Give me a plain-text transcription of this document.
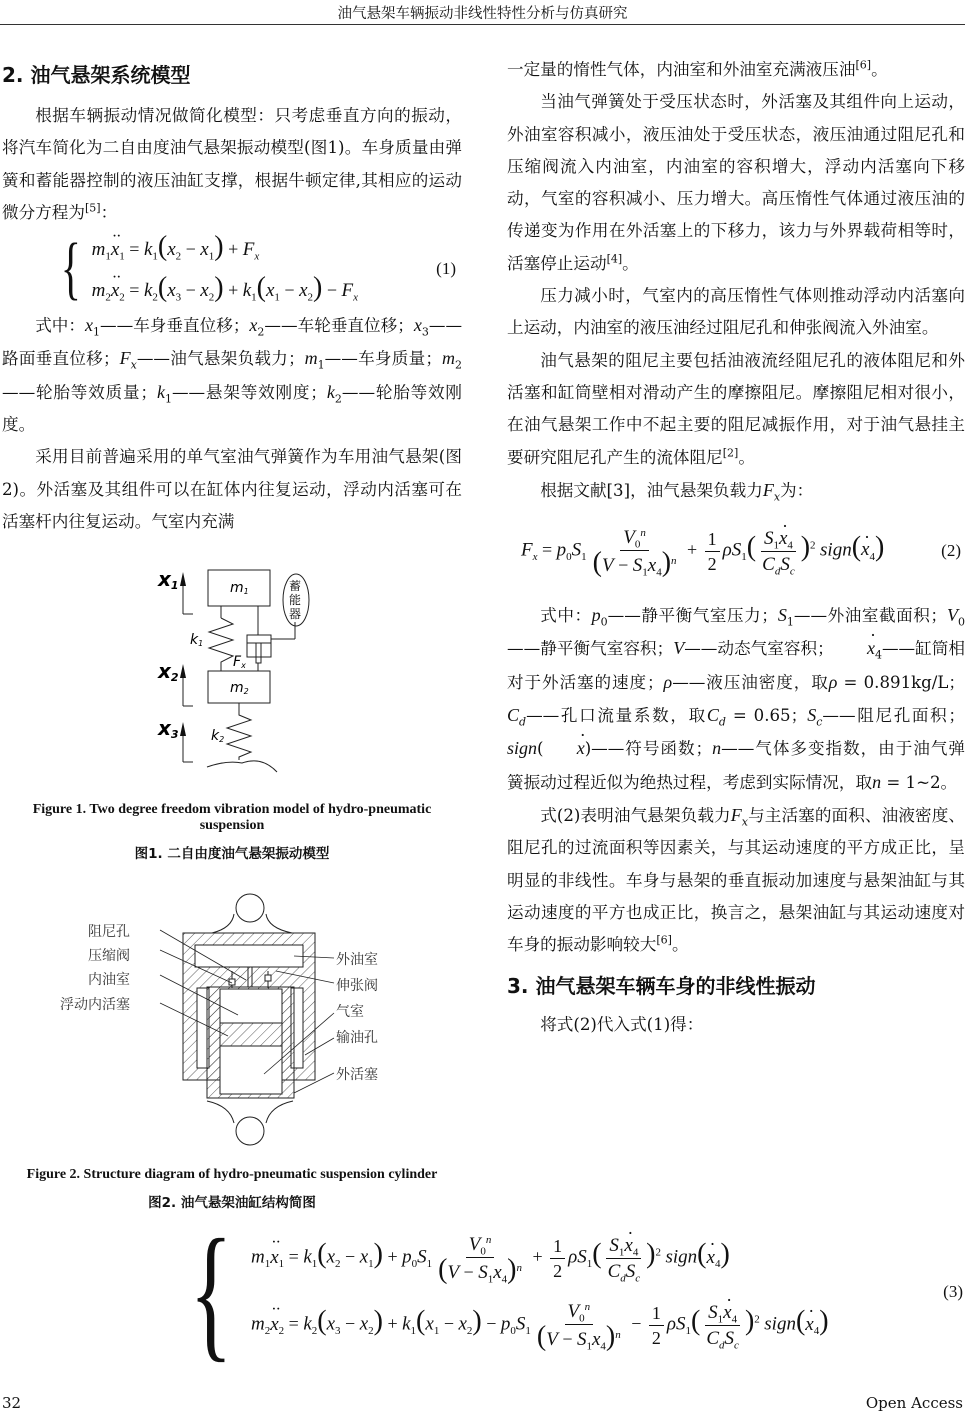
油气悬架车辆振动非线性特性分析与仿真研究
2. 油气悬架系统模型

根据车辆振动情况做简化模型：只考虑垂直方向的振动，将汽车简化为二自由度油气悬架振动模型(图1)。车身质量由弹簧和蓄能器控制的液压油缸支撑，根据牛顿定律,其相应的运动微分方程为[5]：

{ $m_1\cdot\cdot x_1 = k_1(x_2 - x_1) + F_x$
$m_2\cdot\cdot x_2 = k_2(x_3 - x_2) + k_1(x_1 - x_2) - F_x$
(1)

式中：$x_1——$车身垂直位移；$x_2——$车轮垂直位移；$x_3——$路面垂直位移；$F_x——$油气悬架负载力；$m_1——$车身质量；$m_2——$轮胎等效质量；$k_1——$悬架等效刚度；$k_2——$轮胎等效刚度。

采用目前普遍采用的单气室油气弹簧作为车用油气悬架(图2)。外活塞及其组件可以在缸体内往复运动，浮动内活塞可在活塞杆内往复运动。气室内充满

x1
x2
x3
m1
m2
k1
k2
Fx
蓄
能
器
Figure 1. Two degree freedom vibration model of hydro-pneumatic suspension
图1. 二自由度油气悬架振动模型
阻尼孔
压缩阀
内油室
浮动内活塞
外油室
伸张阀
气室
输油孔
外活塞
Figure 2. Structure diagram of hydro-pneumatic suspension cylinder
图2. 油气悬架油缸结构简图

一定量的惰性气体，内油室和外油室充满液压油[6]。

当油气弹簧处于受压状态时，外活塞及其组件向上运动，外油室容积减小，液压油处于受压状态，液压油通过阻尼孔和压缩阀流入内油室，内油室的容积增大，浮动内活塞向下移动，气室的容积减小、压力增大。高压惰性气体通过液压油的传递变为作用在外活塞上的下移力，该力与外界载荷相等时，活塞停止运动[4]。

压力减小时，气室内的高压惰性气体则推动浮动内活塞向上运动，内油室的液压油经过阻尼孔和伸张阀流入外油室。

油气悬架的阻尼主要包括油液流经阻尼孔的液体阻尼和外活塞和缸筒壁相对滑动产生的摩擦阻尼。摩擦阻尼相对很小，在油气悬架工作中不起主要的阻尼减振作用，对于油气悬挂主要研究阻尼孔产生的流体阻尼[2]。

根据文献[3]，油气悬架负载力$F_x$为：

$F_x = p_0S_1 \frac{V_0^n}{(V - S_1x_4)^n} + \frac{1}{2} \rho S_1( \frac{S_1\cdot x_4}{C_dS_c} )^2$ sign(· $x_4$)	(2)

式中：$p_0——$静平衡气室压力；$S_1——$外油室截面积；$V_0——$静平衡气室容积；V——动态气室容积； · $x_4——$缸筒相对于外活塞的速度；ρ——液压油密度，取ρ = 0.891kg/L；$C_d——$孔口流量系数，取$C_d = 0.65$；$S_c——$阻尼孔面积；sign( · x)——符号函数；n——气体多变指数，由于油气弹簧振动过程近似为绝热过程，考虑到实际情况，取n = 1~2。

式(2)表明油气悬架负载力$F_x$与主活塞的面积、油液密度、阻尼孔的过流面积等因素关，与其运动速度的平方成正比，呈明显的非线性。车身与悬架的垂直振动加速度与悬架油缸与其运动速度的平方也成正比，换言之，悬架油缸与其运动速度对车身的振动影响较大[6]。

3. 油气悬架车辆车身的非线性振动

将式(2)代入式(1)得：

{ $m_1\cdot\cdot x_1 = k_1(x_2 - x_1) + p_0S_1 \frac{V_0^n}{(V - S_1x_4)^n} + \frac{1}{2} \rho S_1( \frac{S_1\cdot x_4}{C_dS_c} )^2$ sign(· $x_4$)
$m_2\cdot\cdot x_2 = k_2(x_3 - x_2) + k_1(x_1 - x_2) - p_0S_1 \frac{V_0^n}{(V - S_1x_4)^n} - \frac{1}{2} \rho S_1( \frac{S_1\cdot x_4}{C_dS_c} )^2$ sign(· $x_4$)
(3)
32	Open Access
